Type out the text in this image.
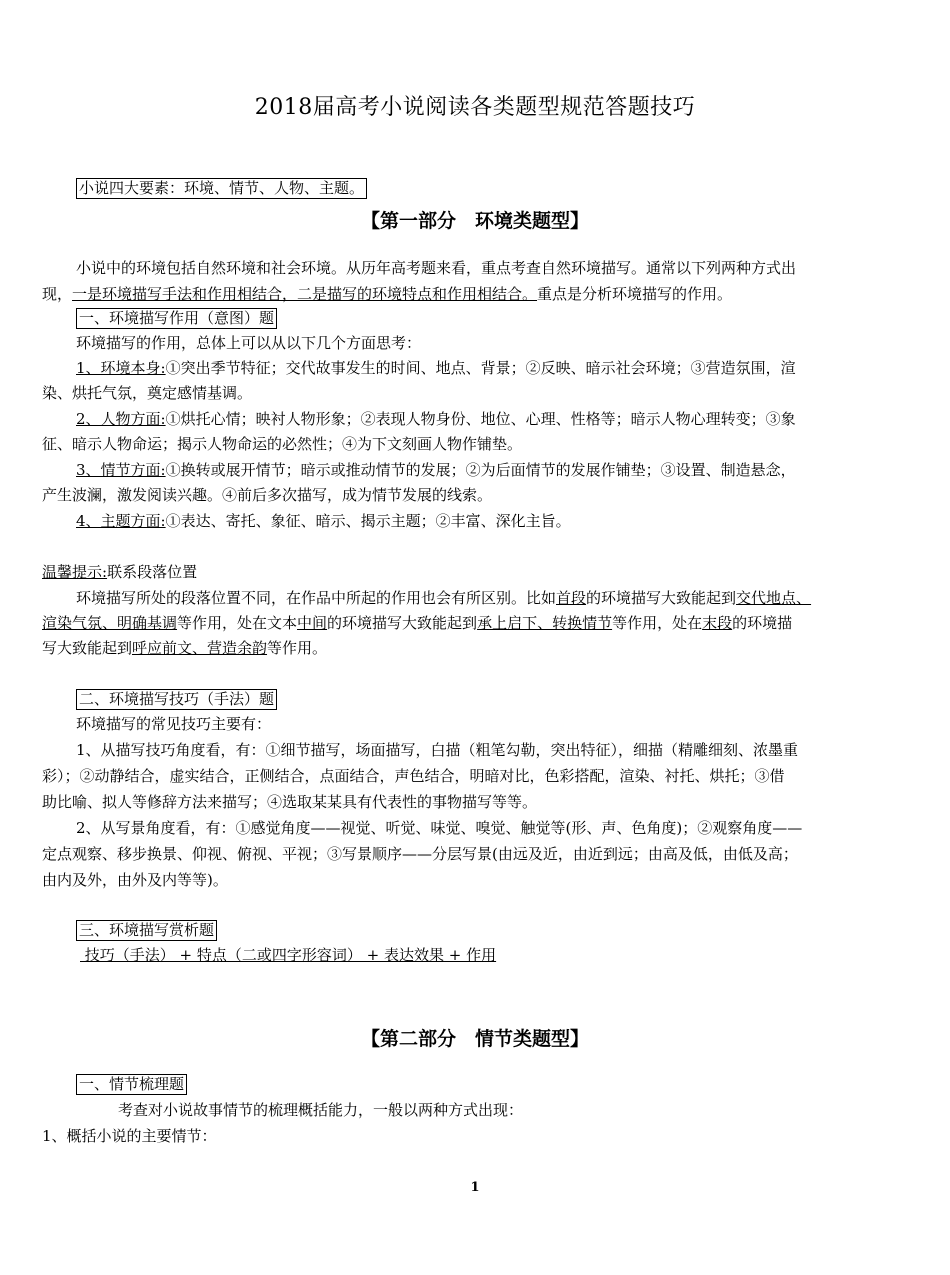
2018届高考小说阅读各类题型规范答题技巧
小说四大要素：环境、情节、人物、主题。
【第一部分　环境类题型】
小说中的环境包括自然环境和社会环境。从历年高考题来看，重点考查自然环境描写。通常以下列两种方式出
现，一是环境描写手法和作用相结合，二是描写的环境特点和作用相结合。重点是分析环境描写的作用。
一、环境描写作用（意图）题
环境描写的作用，总体上可以从以下几个方面思考：
1、环境本身:①突出季节特征；交代故事发生的时间、地点、背景；②反映、暗示社会环境；③营造氛围，渲
染、烘托气氛，奠定感情基调。
2、人物方面:①烘托心情；映衬人物形象；②表现人物身份、地位、心理、性格等；暗示人物心理转变；③象
征、暗示人物命运；揭示人物命运的必然性；④为下文刻画人物作铺垫。
3、情节方面:①换转或展开情节；暗示或推动情节的发展；②为后面情节的发展作铺垫；③设置、制造悬念，
产生波澜，激发阅读兴趣。④前后多次描写，成为情节发展的线索。
4、主题方面:①表达、寄托、象征、暗示、揭示主题；②丰富、深化主旨。
温馨提示:联系段落位置
环境描写所处的段落位置不同，在作品中所起的作用也会有所区别。比如首段的环境描写大致能起到交代地点、
渲染气氛、明确基调等作用，处在文本中间的环境描写大致能起到承上启下、转换情节等作用，处在末段的环境描
写大致能起到呼应前文、营造余韵等作用。
二、环境描写技巧（手法）题
环境描写的常见技巧主要有：
1、从描写技巧角度看，有：①细节描写，场面描写，白描（粗笔勾勒，突出特征），细描（精雕细刻、浓墨重
彩）；②动静结合，虚实结合，正侧结合，点面结合，声色结合，明暗对比，色彩搭配，渲染、衬托、烘托；③借
助比喻、拟人等修辞方法来描写；④选取某某具有代表性的事物描写等等。
2、从写景角度看，有：①感觉角度——视觉、听觉、味觉、嗅觉、触觉等(形、声、色角度)；②观察角度——
定点观察、移步换景、仰视、俯视、平视；③写景顺序——分层写景(由远及近，由近到远；由高及低，由低及高；
由内及外，由外及内等等)。
三、环境描写赏析题
技巧（手法） + 特点（二或四字形容词） + 表达效果 + 作用
【第二部分　情节类题型】
一、情节梳理题
考查对小说故事情节的梳理概括能力，一般以两种方式出现：
1、概括小说的主要情节：
1
